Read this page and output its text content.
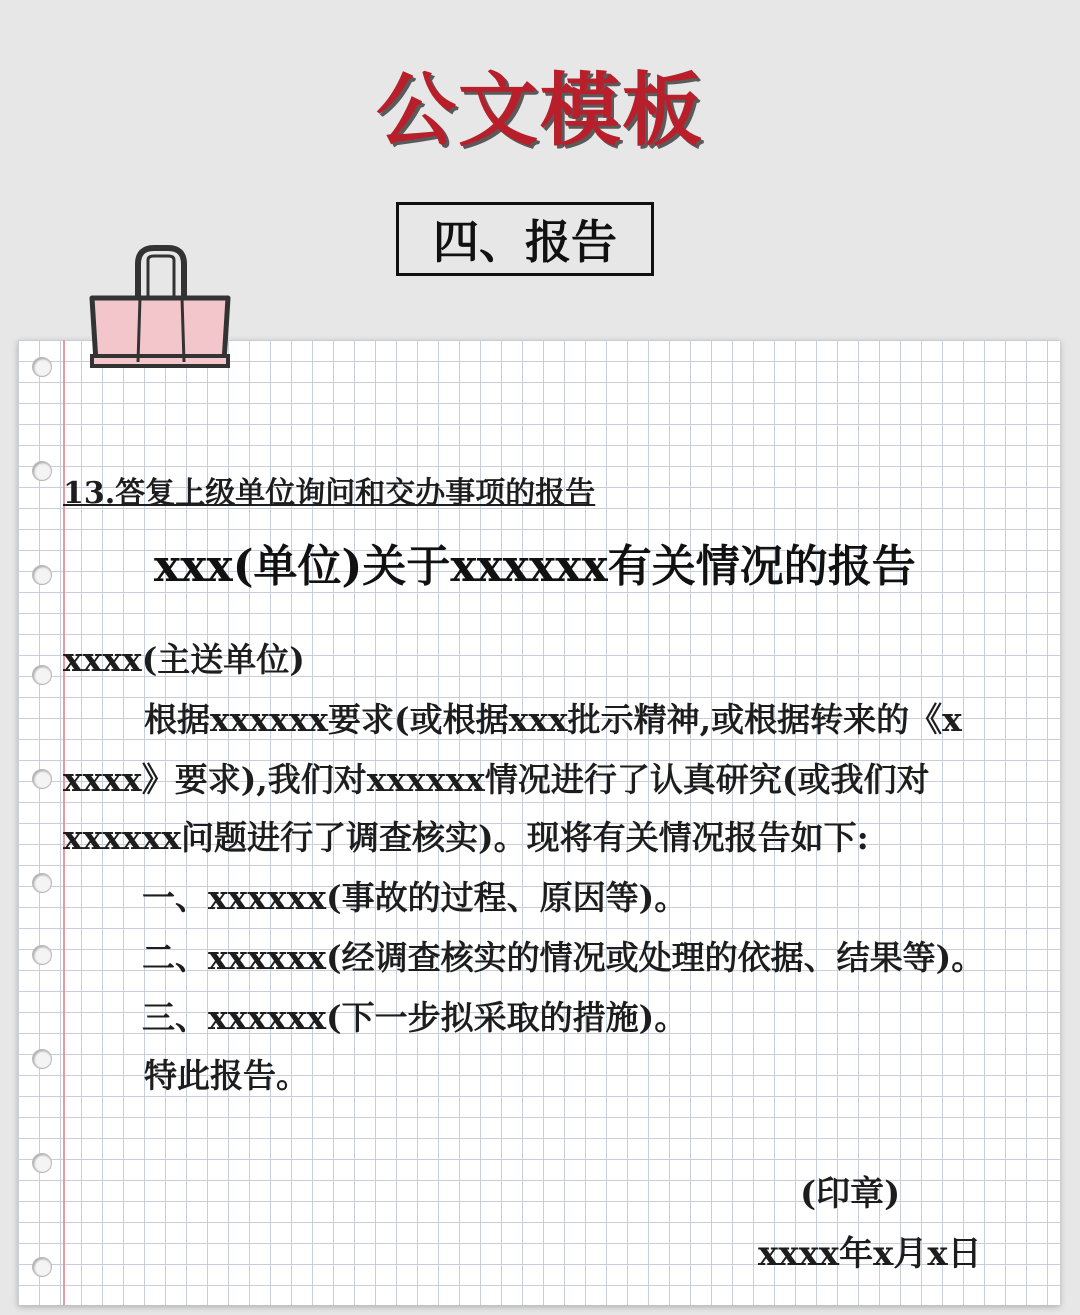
公文模板
四、报告
13.答复上级单位询问和交办事项的报告
xxx(单位)关于xxxxxx有关情况的报告
xxxx(主送单位)
根据xxxxxx要求(或根据xxx批示精神,或根据转来的《x
xxxx》要求),我们对xxxxxx情况进行了认真研究(或我们对
xxxxxx问题进行了调查核实)。现将有关情况报告如下:
一、xxxxxx(事故的过程、原因等)。
二、xxxxxx(经调查核实的情况或处理的依据、结果等)。
三、xxxxxx(下一步拟采取的措施)。
特此报告。
(印章)
xxxx年x月x日
